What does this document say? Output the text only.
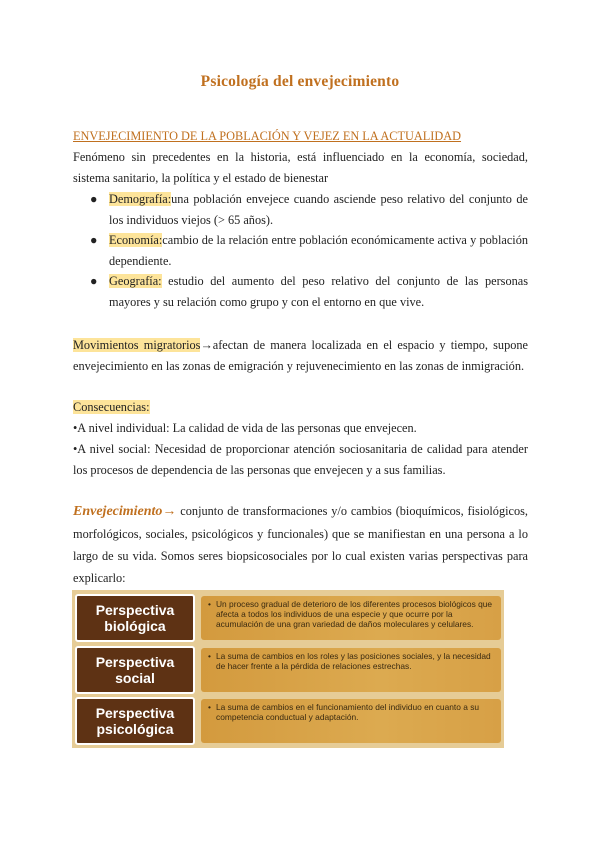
Psicología del envejecimiento
ENVEJECIMIENTO DE LA POBLACIÓN Y VEJEZ EN LA ACTUALIDAD
Fenómeno sin precedentes en la historia, está influenciado en la economía, sociedad, sistema sanitario, la política y el estado de bienestar
● Demografía:una población envejece cuando asciende peso relativo del conjunto de los individuos viejos (> 65 años).
● Economía:cambio de la relación entre población económicamente activa y población dependiente.
● Geografía: estudio del aumento del peso relativo del conjunto de las personas mayores y su relación como grupo y con el entorno en que vive.
Movimientos migratorios→afectan de manera localizada en el espacio y tiempo, supone envejecimiento en las zonas de emigración y rejuvenecimiento en las zonas de inmigración.
Consecuencias:
•A nivel individual: La calidad de vida de las personas que envejecen.
•A nivel social: Necesidad de proporcionar atención sociosanitaria de calidad para atender los procesos de dependencia de las personas que envejecen y a sus familias.
Envejecimiento→ conjunto de transformaciones y/o cambios (bioquímicos, fisiológicos, morfológicos, sociales, psicológicos y funcionales) que se manifiestan en una persona a lo largo de su vida. Somos seres biopsicosociales por lo cual existen varias perspectivas para explicarlo:
Perspectiva biológica
• Un proceso gradual de deterioro de los diferentes procesos biológicos que afecta a todos los individuos de una especie y que ocurre por la acumulación de una gran variedad de daños moleculares y celulares.
Perspectiva social
• La suma de cambios en los roles y las posiciones sociales, y la necesidad de hacer frente a la pérdida de relaciones estrechas.
Perspectiva psicológica
• La suma de cambios en el funcionamiento del individuo en cuanto a su competencia conductual y adaptación.
